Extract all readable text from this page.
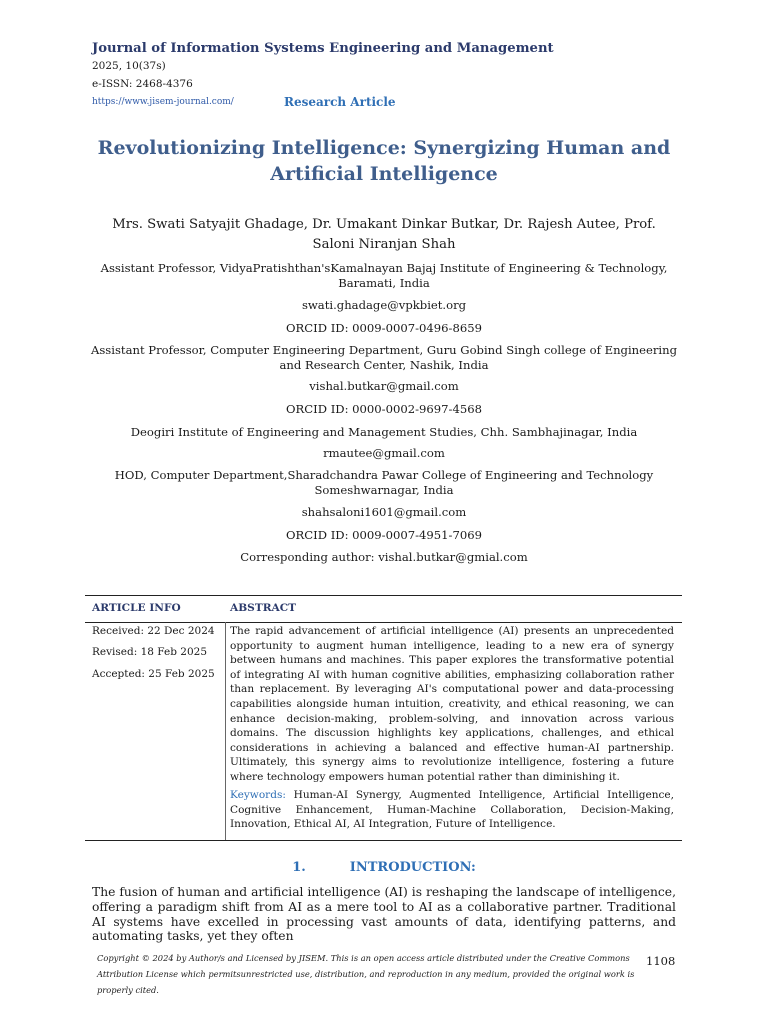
Journal of Information Systems Engineering and Management
2025, 10(37s)
e-ISSN: 2468-4376
https://www.jisem-journal.com/	Research Article
Revolutionizing Intelligence: Synergizing Human and
Artificial Intelligence
Mrs. Swati Satyajit Ghadage, Dr. Umakant Dinkar Butkar, Dr. Rajesh Autee, Prof.
Saloni Niranjan Shah
Assistant Professor, VidyaPratishthan'sKamalnayan Bajaj Institute of Engineering & Technology,
Baramati, India
swati.ghadage@vpkbiet.org
ORCID ID: 0009-0007-0496-8659
Assistant Professor, Computer Engineering Department, Guru Gobind Singh college of Engineering
and Research Center, Nashik, India
vishal.butkar@gmail.com
ORCID ID: 0000-0002-9697-4568
Deogiri Institute of Engineering and Management Studies, Chh. Sambhajinagar, India
rmautee@gmail.com
HOD, Computer Department,Sharadchandra Pawar College of Engineering and Technology
Someshwarnagar, India
shahsaloni1601@gmail.com
ORCID ID: 0009-0007-4951-7069
Corresponding author: vishal.butkar@gmial.com
ARTICLE INFO	ABSTRACT
Received: 22 Dec 2024
Revised: 18 Feb 2025
Accepted: 25 Feb 2025
The rapid advancement of artificial intelligence (AI) presents an unprecedented opportunity to augment human intelligence, leading to a new era of synergy between humans and machines. This paper explores the transformative potential of integrating AI with human cognitive abilities, emphasizing collaboration rather than replacement. By leveraging AI's computational power and data-processing capabilities alongside human intuition, creativity, and ethical reasoning, we can enhance decision-making, problem-solving, and innovation across various domains. The discussion highlights key applications, challenges, and ethical considerations in achieving a balanced and effective human-AI partnership. Ultimately, this synergy aims to revolutionize intelligence, fostering a future where technology empowers human potential rather than diminishing it.
Keywords: Human-AI Synergy, Augmented Intelligence, Artificial Intelligence, Cognitive Enhancement, Human-Machine Collaboration, Decision-Making, Innovation, Ethical AI, AI Integration, Future of Intelligence.
1.	INTRODUCTION:
The fusion of human and artificial intelligence (AI) is reshaping the landscape of intelligence, offering a paradigm shift from AI as a mere tool to AI as a collaborative partner. Traditional AI systems have excelled in processing vast amounts of data, identifying patterns, and automating tasks, yet they often
Copyright © 2024 by Author/s and Licensed by JISEM. This is an open access article distributed under the Creative Commons Attribution License which permitsunrestricted use, distribution, and reproduction in any medium, provided the original work is properly cited.
1108
